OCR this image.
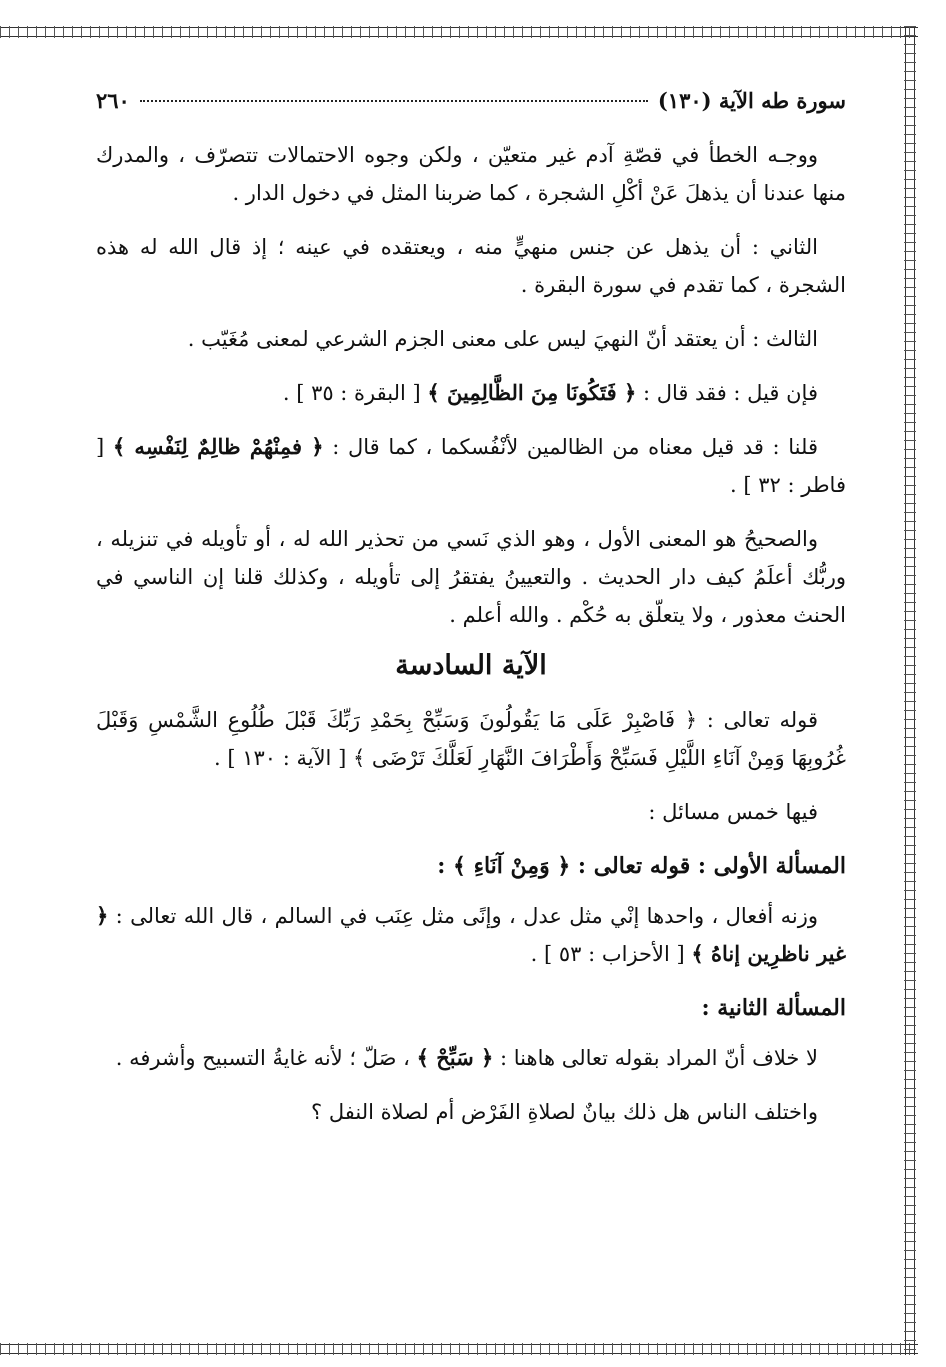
سورة طه الآية (١٣٠)
٢٦٠

ووجـه الخطأ في قصّةِ آدم غير متعيّن ، ولكن وجوه الاحتمالات تتصرّف ، والمدرك منها عندنا أن يذهلَ عَنْ أكْلِ الشجرة ، كما ضربنا المثل في دخول الدار .

الثاني : أن يذهل عن جنس منهيٍّ منه ، ويعتقده في عينه ؛ إذ قال الله له هذه الشجرة ، كما تقدم في سورة البقرة .

الثالث : أن يعتقد أنّ النهيَ ليس على معنى الجزم الشرعي لمعنى مُغَيّب .

فإن قيل : فقد قال : ﴿ فَتَكُونَا مِنَ الظَّالِمِينَ ﴾ [ البقرة : ٣٥ ] .

قلنا : قد قيل معناه من الظالمين لأنْفُسكما ، كما قال : ﴿ فمِنْهُمْ ظالِمٌ لِنَفْسِه ﴾ [ فاطر : ٣٢ ] .

والصحيحُ هو المعنى الأول ، وهو الذي نَسي من تحذير الله له ، أو تأويله في تنزيله ، وربُّك أعلَمُ كيف دار الحديث . والتعيينُ يفتقرُ إلى تأويله ، وكذلك قلنا إن الناسي في الحنث معذور ، ولا يتعلّق به حُكْم . والله أعلم .

الآية السادسة

قوله تعالى : ﴿ فَاصْبِرْ عَلَى مَا يَقُولُونَ وَسَبِّحْ بِحَمْدِ رَبِّكَ قَبْلَ طُلُوعِ الشَّمْسِ وَقَبْلَ غُرُوبِهَا وَمِنْ آنَاءِ اللَّيْلِ فَسَبِّحْ وَأَطْرَافَ النَّهَارِ لَعَلَّكَ تَرْضَى ﴾ [ الآية : ١٣٠ ] .

فيها خمس مسائل :

المسألة الأولى : قوله تعالى : ﴿ وَمِنْ آنَاءِ ﴾ :

وزنه أفعال ، واحدها إنْي مثل عدل ، وإنًى مثل عِنَب في السالم ، قال الله تعالى : ﴿ غير ناظرِين إناهُ ﴾ [ الأحزاب : ٥٣ ] .

المسألة الثانية :

لا خلاف أنّ المراد بقوله تعالى هاهنا : ﴿ سَبِّحْ ﴾ ، صَلّ ؛ لأنه غايةُ التسبيح وأشرفه .

واختلف الناس هل ذلك بيانٌ لصلاةِ الفَرْض أم لصلاة النفل ؟
